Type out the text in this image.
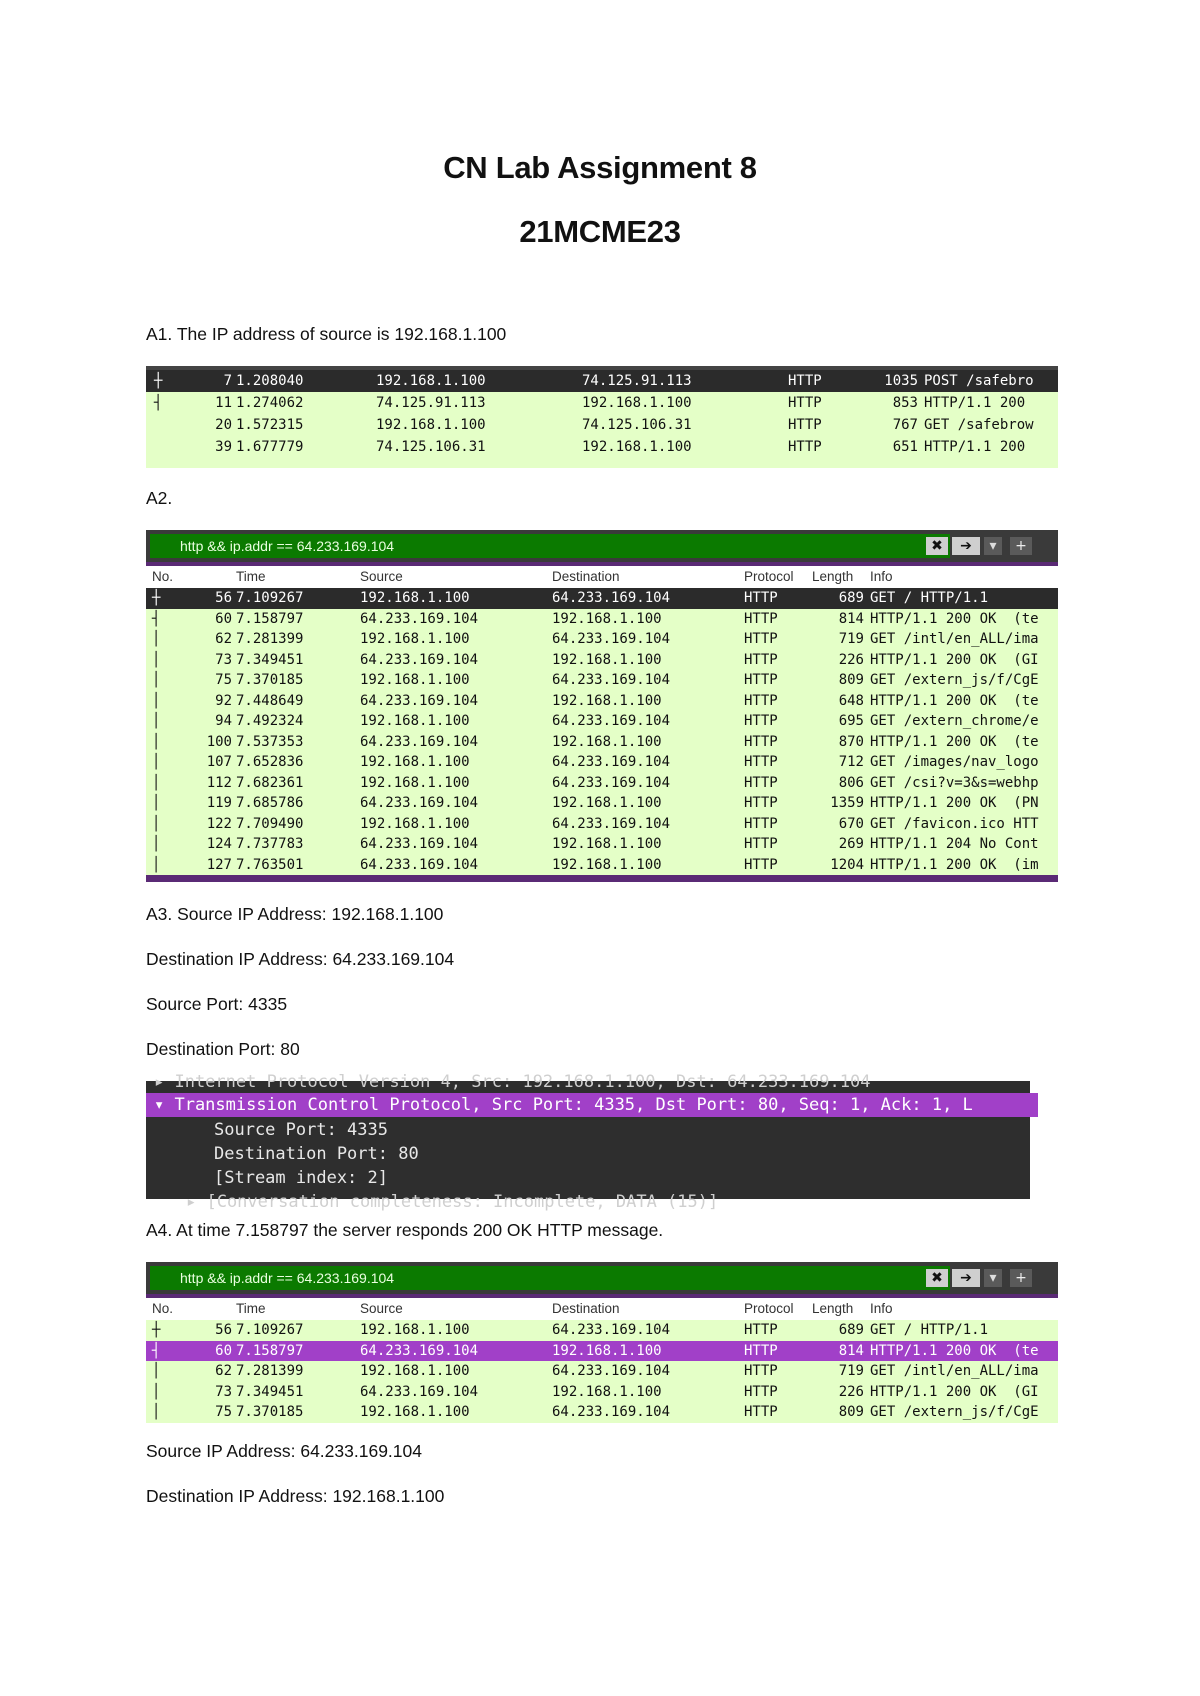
CN Lab Assignment 8
21MCME23
A1. The IP address of source is 192.168.1.100
7 1.208040	192.168.1.100	74.125.91.113	HTTP	1035 POST /safebro
┼
11 1.274062	74.125.91.113	192.168.1.100	HTTP	853 HTTP/1.1 200
┤
20 1.572315	192.168.1.100	74.125.106.31	HTTP	767 GET /safebrow
39 1.677779	74.125.106.31	192.168.1.100	HTTP	651 HTTP/1.1 200
A2.
http && ip.addr == 64.233.169.104	✖	➔	▾	+
No.	Time	Source	Destination	Protocol Length Info
56 7.109267	192.168.1.100	64.233.169.104	HTTP	689 GET / HTTP/1.1
┼
60 7.158797	64.233.169.104	192.168.1.100	HTTP	814 HTTP/1.1 200 OK  (te
┤
62 7.281399	192.168.1.100	64.233.169.104	HTTP	719 GET /intl/en_ALL/ima
│
73 7.349451	64.233.169.104	192.168.1.100	HTTP	226 HTTP/1.1 200 OK  (GI
│
75 7.370185	192.168.1.100	64.233.169.104	HTTP	809 GET /extern_js/f/CgE
│
92 7.448649	64.233.169.104	192.168.1.100	HTTP	648 HTTP/1.1 200 OK  (te
│
94 7.492324	192.168.1.100	64.233.169.104	HTTP	695 GET /extern_chrome/e
│
100 7.537353	64.233.169.104	192.168.1.100	HTTP	870 HTTP/1.1 200 OK  (te
│
107 7.652836	192.168.1.100	64.233.169.104	HTTP	712 GET /images/nav_logo
│
112 7.682361	192.168.1.100	64.233.169.104	HTTP	806 GET /csi?v=3&s=webhp
│
119 7.685786	64.233.169.104	192.168.1.100	HTTP	1359 HTTP/1.1 200 OK  (PN
│
122 7.709490	192.168.1.100	64.233.169.104	HTTP	670 GET /favicon.ico HTT
│
124 7.737783	64.233.169.104	192.168.1.100	HTTP	269 HTTP/1.1 204 No Cont
│
127 7.763501	64.233.169.104	192.168.1.100	HTTP	1204 HTTP/1.1 200 OK  (im
│
A3. Source IP Address: 192.168.1.100
Destination IP Address: 64.233.169.104
Source Port: 4335
Destination Port: 80
▸ Internet Protocol Version 4, Src: 192.168.1.100, Dst: 64.233.169.104
▾ Transmission Control Protocol, Src Port: 4335, Dst Port: 80, Seq: 1, Ack: 1, L
Source Port: 4335
Destination Port: 80
[Stream index: 2]
▸ [Conversation completeness: Incomplete, DATA (15)]
A4. At time 7.158797 the server responds 200 OK HTTP message.
http && ip.addr == 64.233.169.104	✖	➔	▾	+
No.	Time	Source	Destination	Protocol Length Info
56 7.109267	192.168.1.100	64.233.169.104	HTTP	689 GET / HTTP/1.1
┼
60 7.158797	64.233.169.104	192.168.1.100	HTTP	814 HTTP/1.1 200 OK  (te
┤
62 7.281399	192.168.1.100	64.233.169.104	HTTP	719 GET /intl/en_ALL/ima
│
73 7.349451	64.233.169.104	192.168.1.100	HTTP	226 HTTP/1.1 200 OK  (GI
│
75 7.370185	192.168.1.100	64.233.169.104	HTTP	809 GET /extern_js/f/CgE
│
Source IP Address: 64.233.169.104
Destination IP Address: 192.168.1.100
